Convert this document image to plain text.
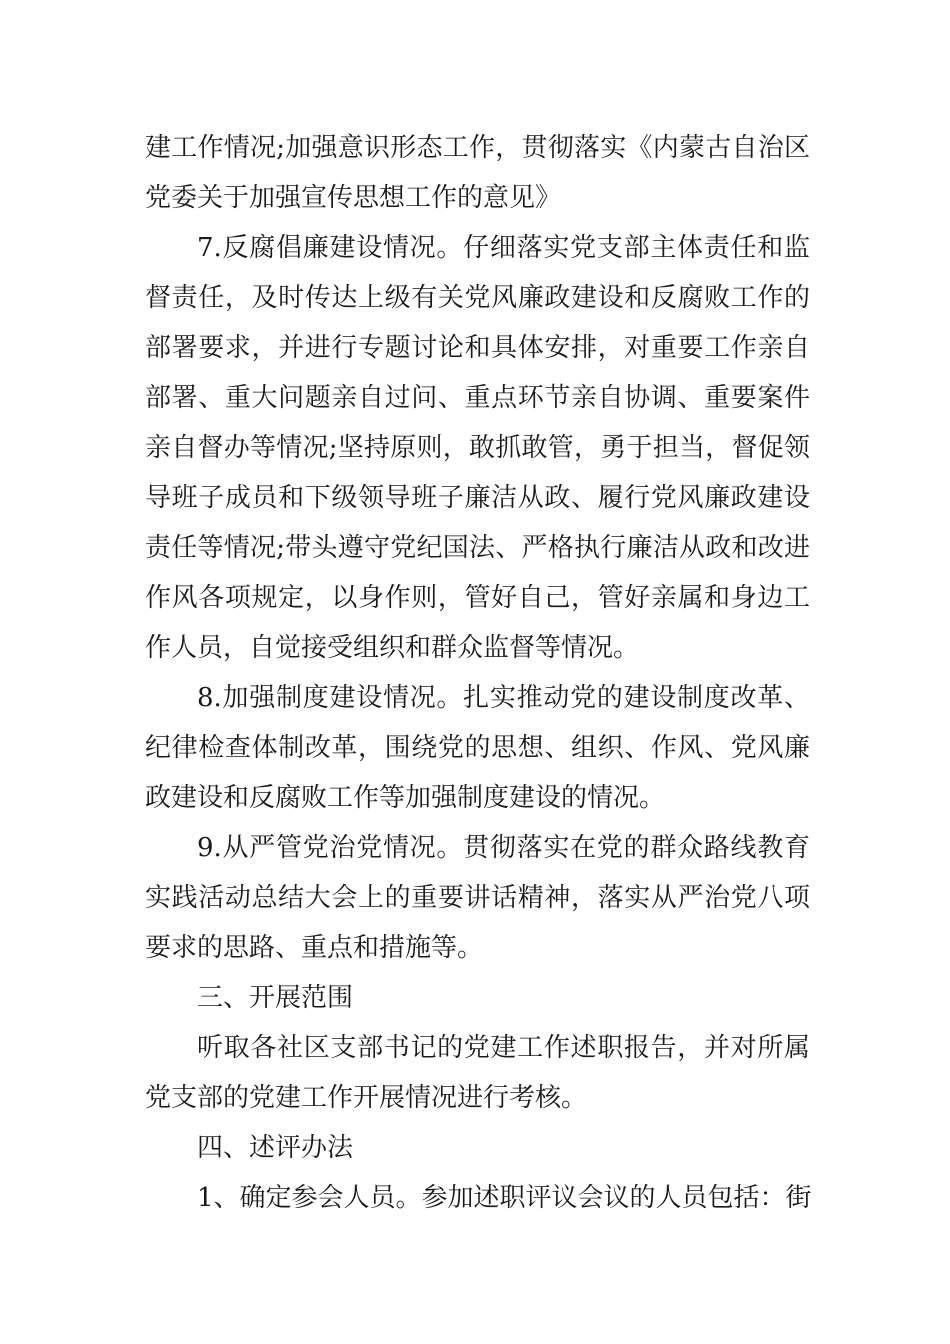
建工作情况;加强意识形态工作，贯彻落实《内蒙古自治区
党委关于加强宣传思想工作的意见》
7.反腐倡廉建设情况。仔细落实党支部主体责任和监
督责任，及时传达上级有关党风廉政建设和反腐败工作的
部署要求，并进行专题讨论和具体安排，对重要工作亲自
部署、重大问题亲自过问、重点环节亲自协调、重要案件
亲自督办等情况;坚持原则，敢抓敢管，勇于担当，督促领
导班子成员和下级领导班子廉洁从政、履行党风廉政建设
责任等情况;带头遵守党纪国法、严格执行廉洁从政和改进
作风各项规定，以身作则，管好自己，管好亲属和身边工
作人员，自觉接受组织和群众监督等情况。
8.加强制度建设情况。扎实推动党的建设制度改革、
纪律检查体制改革，围绕党的思想、组织、作风、党风廉
政建设和反腐败工作等加强制度建设的情况。
9.从严管党治党情况。贯彻落实在党的群众路线教育
实践活动总结大会上的重要讲话精神，落实从严治党八项
要求的思路、重点和措施等。
三、开展范围
听取各社区支部书记的党建工作述职报告，并对所属
党支部的党建工作开展情况进行考核。
四、述评办法
1、确定参会人员。参加述职评议会议的人员包括：街
